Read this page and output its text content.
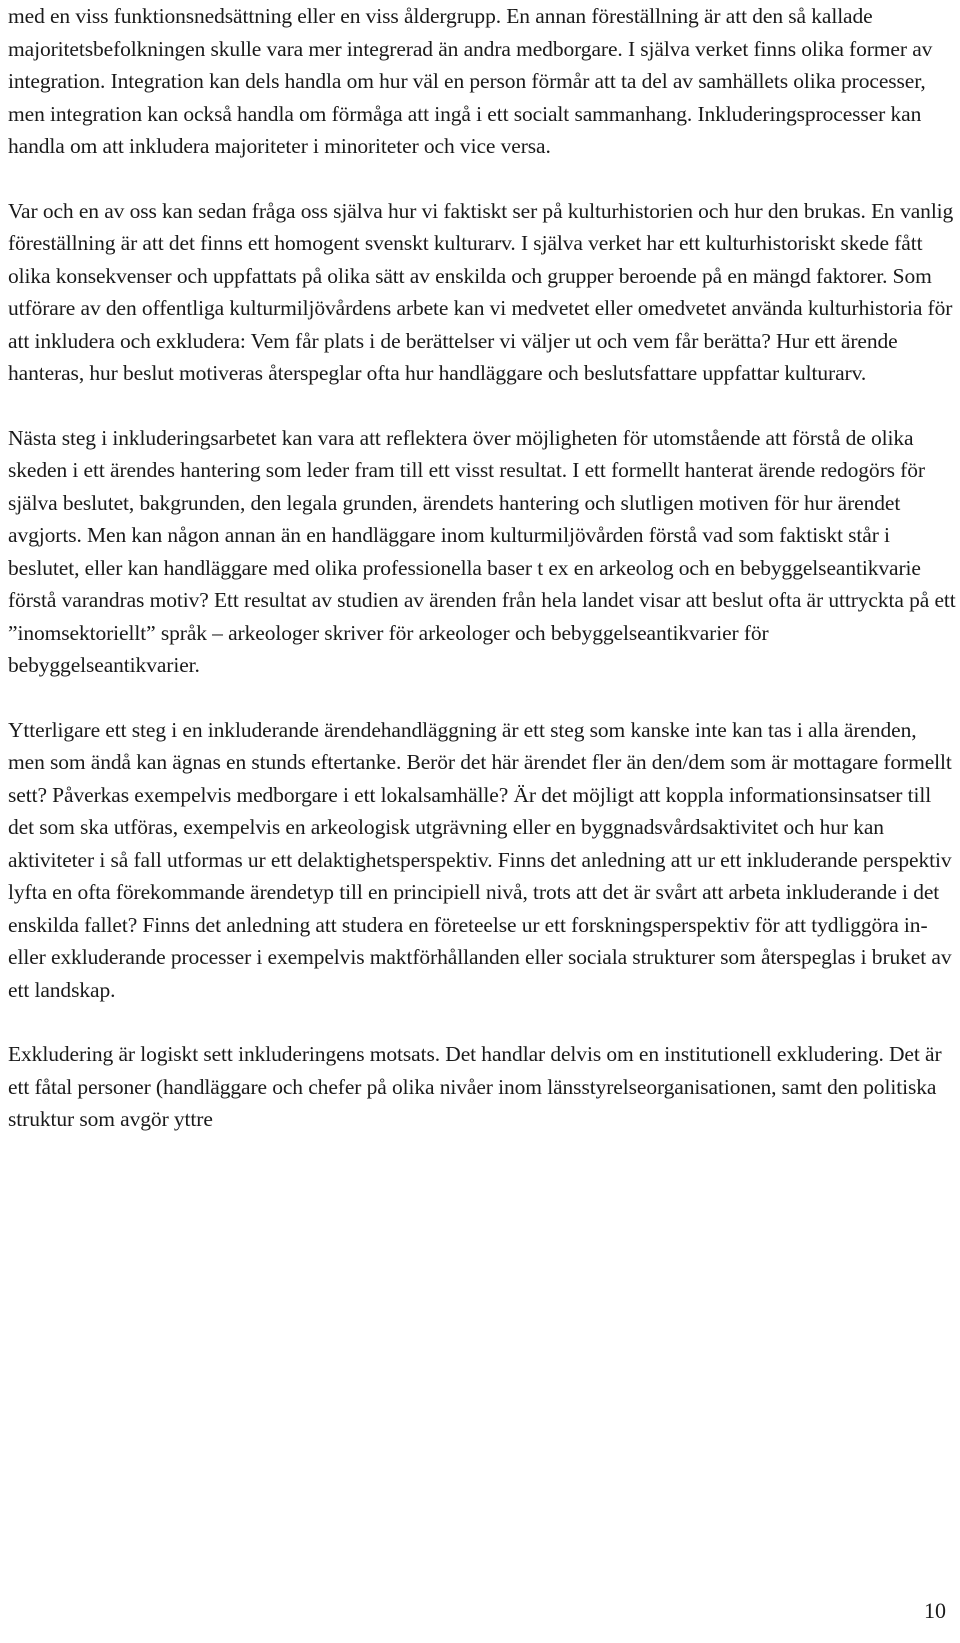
med en viss funktionsnedsättning eller en viss åldergrupp. En annan föreställning är att den så kallade majoritetsbefolkningen skulle vara mer integrerad än andra medborgare. I själva verket finns olika former av integration. Integration kan dels handla om hur väl en person förmår att ta del av samhällets olika processer, men integration kan också handla om förmåga att ingå i ett socialt sammanhang. Inkluderingsprocesser kan handla om att inkludera majoriteter i minoriteter och vice versa.

Var och en av oss kan sedan fråga oss själva hur vi faktiskt ser på kulturhistorien och hur den brukas. En vanlig föreställning är att det finns ett homogent svenskt kulturarv. I själva verket har ett kulturhistoriskt skede fått olika konsekvenser och uppfattats på olika sätt av enskilda och grupper beroende på en mängd faktorer. Som utförare av den offentliga kulturmiljövårdens arbete kan vi medvetet eller omedvetet använda kulturhistoria för att inkludera och exkludera: Vem får plats i de berättelser vi väljer ut och vem får berätta? Hur ett ärende hanteras, hur beslut motiveras återspeglar ofta hur handläggare och beslutsfattare uppfattar kulturarv.

Nästa steg i inkluderingsarbetet kan vara att reflektera över möjligheten för utomstående att förstå de olika skeden i ett ärendes hantering som leder fram till ett visst resultat. I ett formellt hanterat ärende redogörs för själva beslutet, bakgrunden, den legala grunden, ärendets hantering och slutligen motiven för hur ärendet avgjorts. Men kan någon annan än en handläggare inom kulturmiljövården förstå vad som faktiskt står i beslutet, eller kan handläggare med olika professionella baser t ex en arkeolog och en bebyggelseantikvarie förstå varandras motiv? Ett resultat av studien av ärenden från hela landet visar att beslut ofta är uttryckta på ett ”inomsektoriellt” språk – arkeologer skriver för arkeologer och bebyggelseantikvarier för bebyggelseantikvarier.

Ytterligare ett steg i en inkluderande ärendehandläggning är ett steg som kanske inte kan tas i alla ärenden, men som ändå kan ägnas en stunds eftertanke. Berör det här ärendet fler än den/dem som är mottagare formellt sett? Påverkas exempelvis medborgare i ett lokalsamhälle? Är det möjligt att koppla informationsinsatser till det som ska utföras, exempelvis en arkeologisk utgrävning eller en byggnadsvårdsaktivitet och hur kan aktiviteter i så fall utformas ur ett delaktighetsperspektiv. Finns det anledning att ur ett inkluderande perspektiv lyfta en ofta förekommande ärendetyp till en principiell nivå, trots att det är svårt att arbeta inkluderande i det enskilda fallet? Finns det anledning att studera en företeelse ur ett forskningsperspektiv för att tydliggöra in- eller exkluderande processer i exempelvis maktförhållanden eller sociala strukturer som återspeglas i bruket av ett landskap.

Exkludering är logiskt sett inkluderingens motsats. Det handlar delvis om en institutionell exkludering. Det är ett fåtal personer (handläggare och chefer på olika nivåer inom länsstyrelseorganisationen, samt den politiska struktur som avgör yttre

10
